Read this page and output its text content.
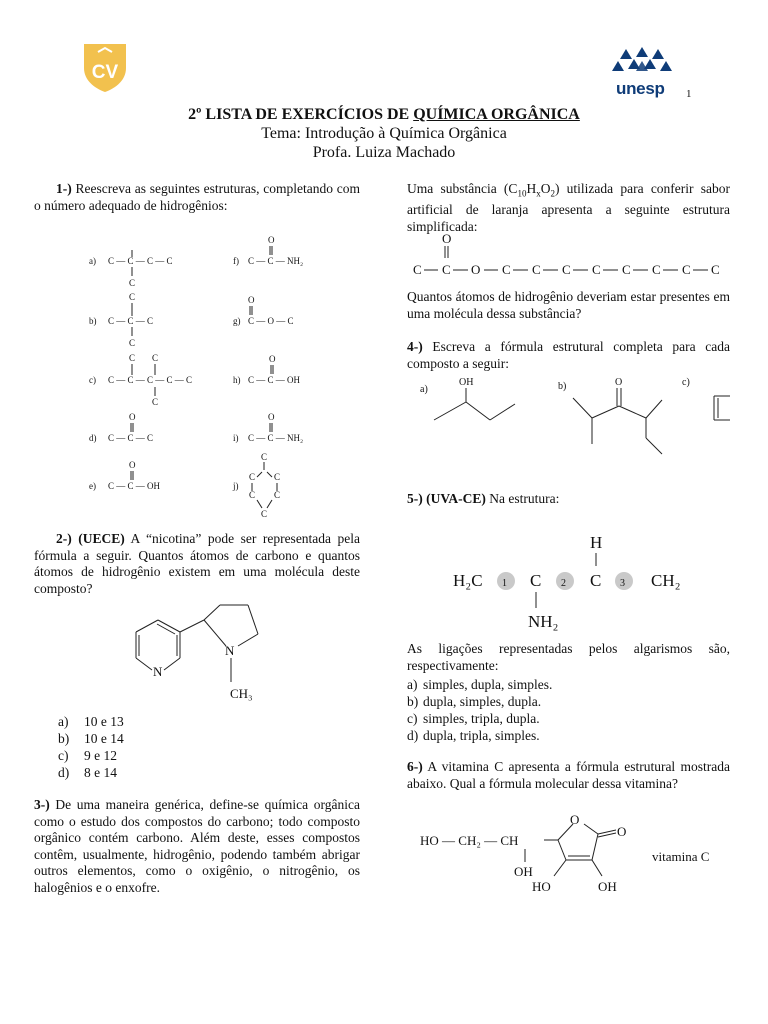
CV
unesp 1
2º LISTA DE EXERCÍCIOS DE QUÍMICA ORGÂNICA
Tema: Introdução à Química Orgânica
Profa. Luiza Machado
1-) Reescreva as seguintes estruturas, completando com o número adequado de hidrogênios:
a) C — C — C — C
C
b)
C
C — C — C
C
c) C — C — C — C — C
C
C
C
d)
O
C — C — C
e)
O
C — C — OH
f)
O
C — C — NH₂
g)
O
C — O — C
h)
O
C — C — OH
i)
O
C — C — NH₂
j)
C
C C
C C
C
2-) (UECE) A “nicotina” pode ser representada pela fórmula a seguir. Quantos átomos de carbono e quantos átomos de hidrogênio existem em uma molécula deste composto?
N
N
CH₃
a)	10 e 13
b)	10 e 14
c)	9 e 12
d)	8 e 14
3-) De uma maneira genérica, define-se química orgânica como o estudo dos compostos do carbono; todo composto orgânico contém carbono. Além deste, esses compostos contêm, usualmente, hidrogênio, podendo também abrigar outros elementos, como o oxigênio, o nitrogênio, os halogênios e o enxofre.
Uma substância $(C_{10}H_xO_2)$ utilizada para conferir sabor artificial de laranja apresenta a seguinte estrutura simplificada:
O
C C O C C C C C C C C
Quantos átomos de hidrogênio deveriam estar presentes em uma molécula dessa substância?
4-) Escreva a fórmula estrutural completa para cada composto a seguir:
a)
OH	b)	O	c)
5-) (UVA-CE) Na estrutura:
H
H₂C 1 C 2 C 3 CH₂
NH₂
As ligações representadas pelos algarismos são, respectivamente:
a) simples, dupla, simples.
b) dupla, simples, dupla.
c) simples, tripla, dupla.
d) dupla, tripla, simples.
6-) A vitamina C apresenta a fórmula estrutural mostrada abaixo. Qual a fórmula molecular dessa vitamina?
HO — CH₂ — CH
OH
O
O
HO	OH
vitamina C
